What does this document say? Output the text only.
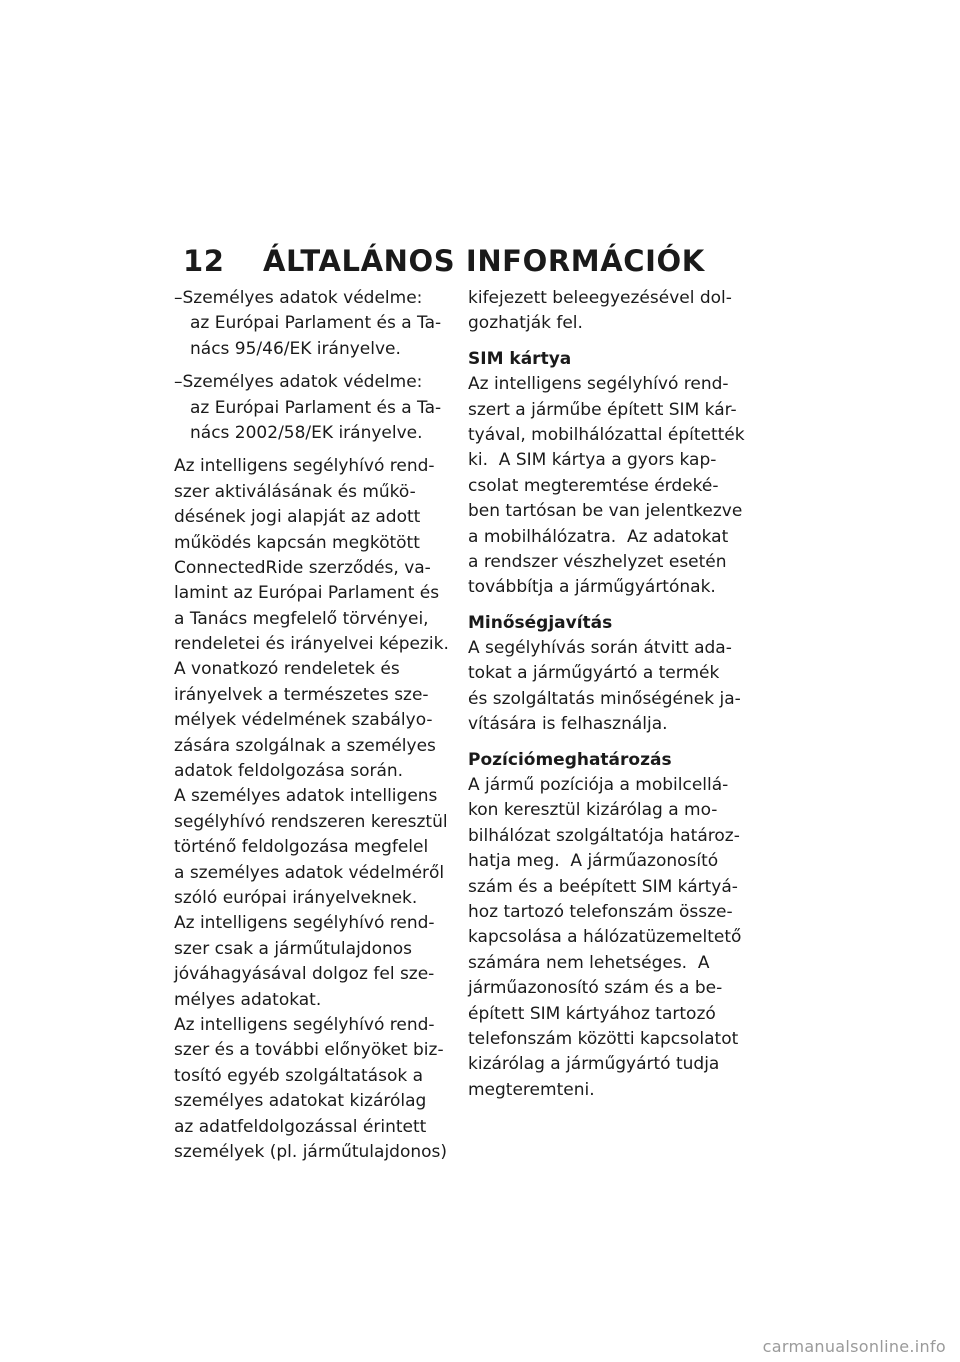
12 ÁLTALÁNOS INFORMÁCIÓK
–Személyes adatok védelme:
az Európai Parlament és a Ta-
nács 95/46/EK irányelve.
–Személyes adatok védelme:
az Európai Parlament és a Ta-
nács 2002/58/EK irányelve.
Az intelligens segélyhívó rend-
szer aktiválásának és műkö-
désének jogi alapját az adott
működés kapcsán megkötött
ConnectedRide szerződés, va-
lamint az Európai Parlament és
a Tanács megfelelő törvényei,
rendeletei és irányelvei képezik.
A vonatkozó rendeletek és
irányelvek a természetes sze-
mélyek védelmének szabályo-
zására szolgálnak a személyes
adatok feldolgozása során.
A személyes adatok intelligens
segélyhívó rendszeren keresztül
történő feldolgozása megfelel
a személyes adatok védelméről
szóló európai irányelveknek.
Az intelligens segélyhívó rend-
szer csak a járműtulajdonos
jóváhagyásával dolgoz fel sze-
mélyes adatokat.
Az intelligens segélyhívó rend-
szer és a további előnyöket biz-
tosító egyéb szolgáltatások a
személyes adatokat kizárólag
az adatfeldolgozással érintett
személyek (pl. járműtulajdonos)
kifejezett beleegyezésével dol-
gozhatják fel.
SIM kártya
Az intelligens segélyhívó rend-
szert a járműbe épített SIM kár-
tyával, mobilhálózattal építették
ki.  A SIM kártya a gyors kap-
csolat megteremtése érdeké-
ben tartósan be van jelentkezve
a mobilhálózatra.  Az adatokat
a rendszer vészhelyzet esetén
továbbítja a járműgyártónak.
Minőségjavítás
A segélyhívás során átvitt ada-
tokat a járműgyártó a termék
és szolgáltatás minőségének ja-
vítására is felhasználja.
Pozíciómeghatározás
A jármű pozíciója a mobilcellá-
kon keresztül kizárólag a mo-
bilhálózat szolgáltatója határoz-
hatja meg.  A járműazonosító
szám és a beépített SIM kártyá-
hoz tartozó telefonszám össze-
kapcsolása a hálózatüzemeltető
számára nem lehetséges.  A
járműazonosító szám és a be-
épített SIM kártyához tartozó
telefonszám közötti kapcsolatot
kizárólag a járműgyártó tudja
megteremteni.
carmanualsonline.info
